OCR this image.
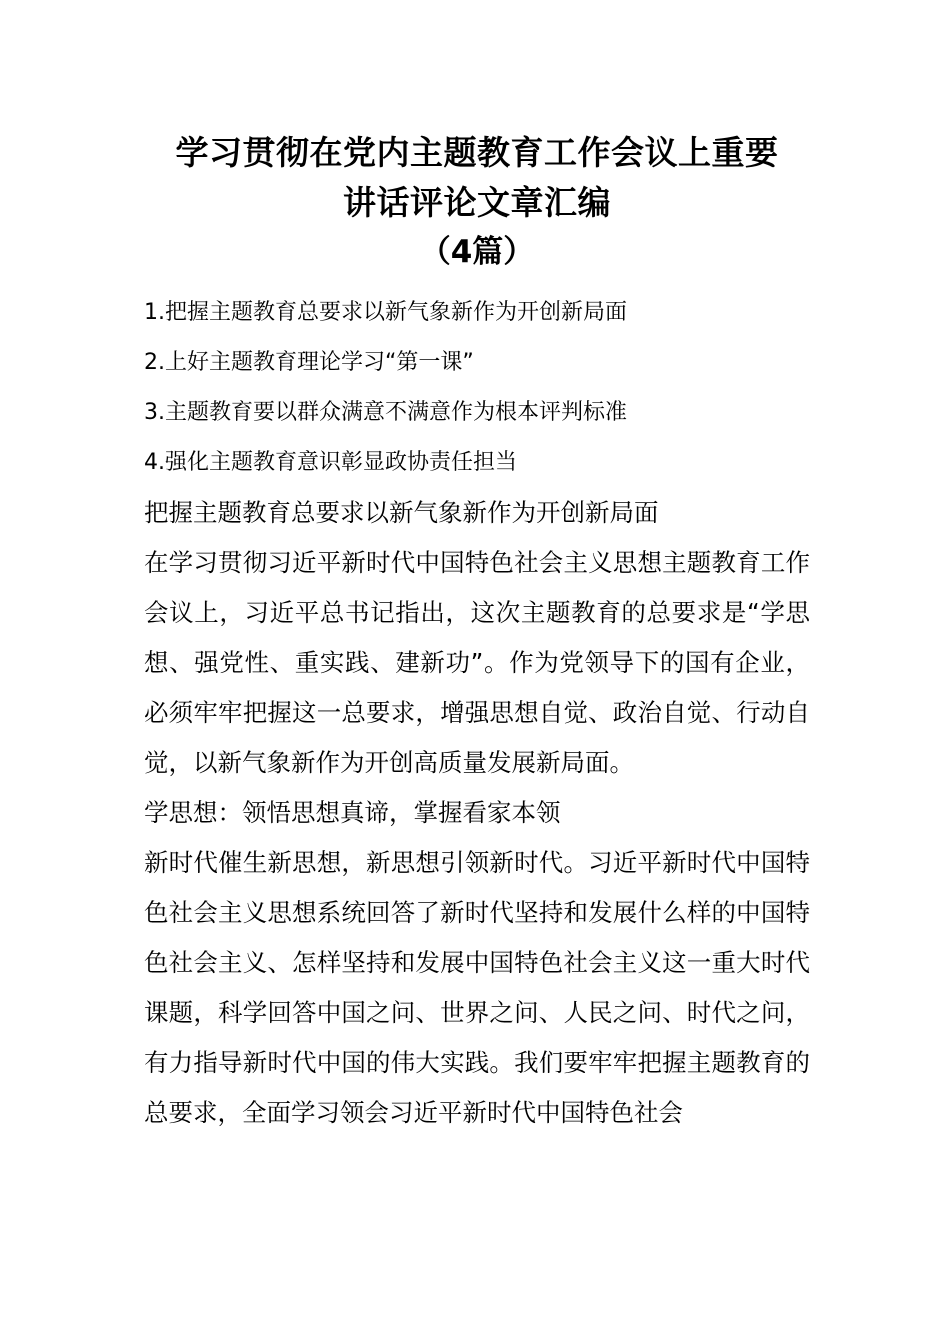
学习贯彻在党内主题教育工作会议上重要
讲话评论文章汇编
（4篇）
1.把握主题教育总要求以新气象新作为开创新局面
2.上好主题教育理论学习“第一课”
3.主题教育要以群众满意不满意作为根本评判标准
4.强化主题教育意识彰显政协责任担当
把握主题教育总要求以新气象新作为开创新局面

在学习贯彻习近平新时代中国特色社会主义思想主题教育工作会议上，习近平总书记指出，这次主题教育的总要求是“学思想、强党性、重实践、建新功”。作为党领导下的国有企业，必须牢牢把握这一总要求，增强思想自觉、政治自觉、行动自觉，以新气象新作为开创高质量发展新局面。

学思想：领悟思想真谛，掌握看家本领

新时代催生新思想，新思想引领新时代。习近平新时代中国特色社会主义思想系统回答了新时代坚持和发展什么样的中国特色社会主义、怎样坚持和发展中国特色社会主义这一重大时代课题，科学回答中国之问、世界之问、人民之问、时代之问，有力指导新时代中国的伟大实践。我们要牢牢把握主题教育的总要求，全面学习领会习近平新时代中国特色社会
